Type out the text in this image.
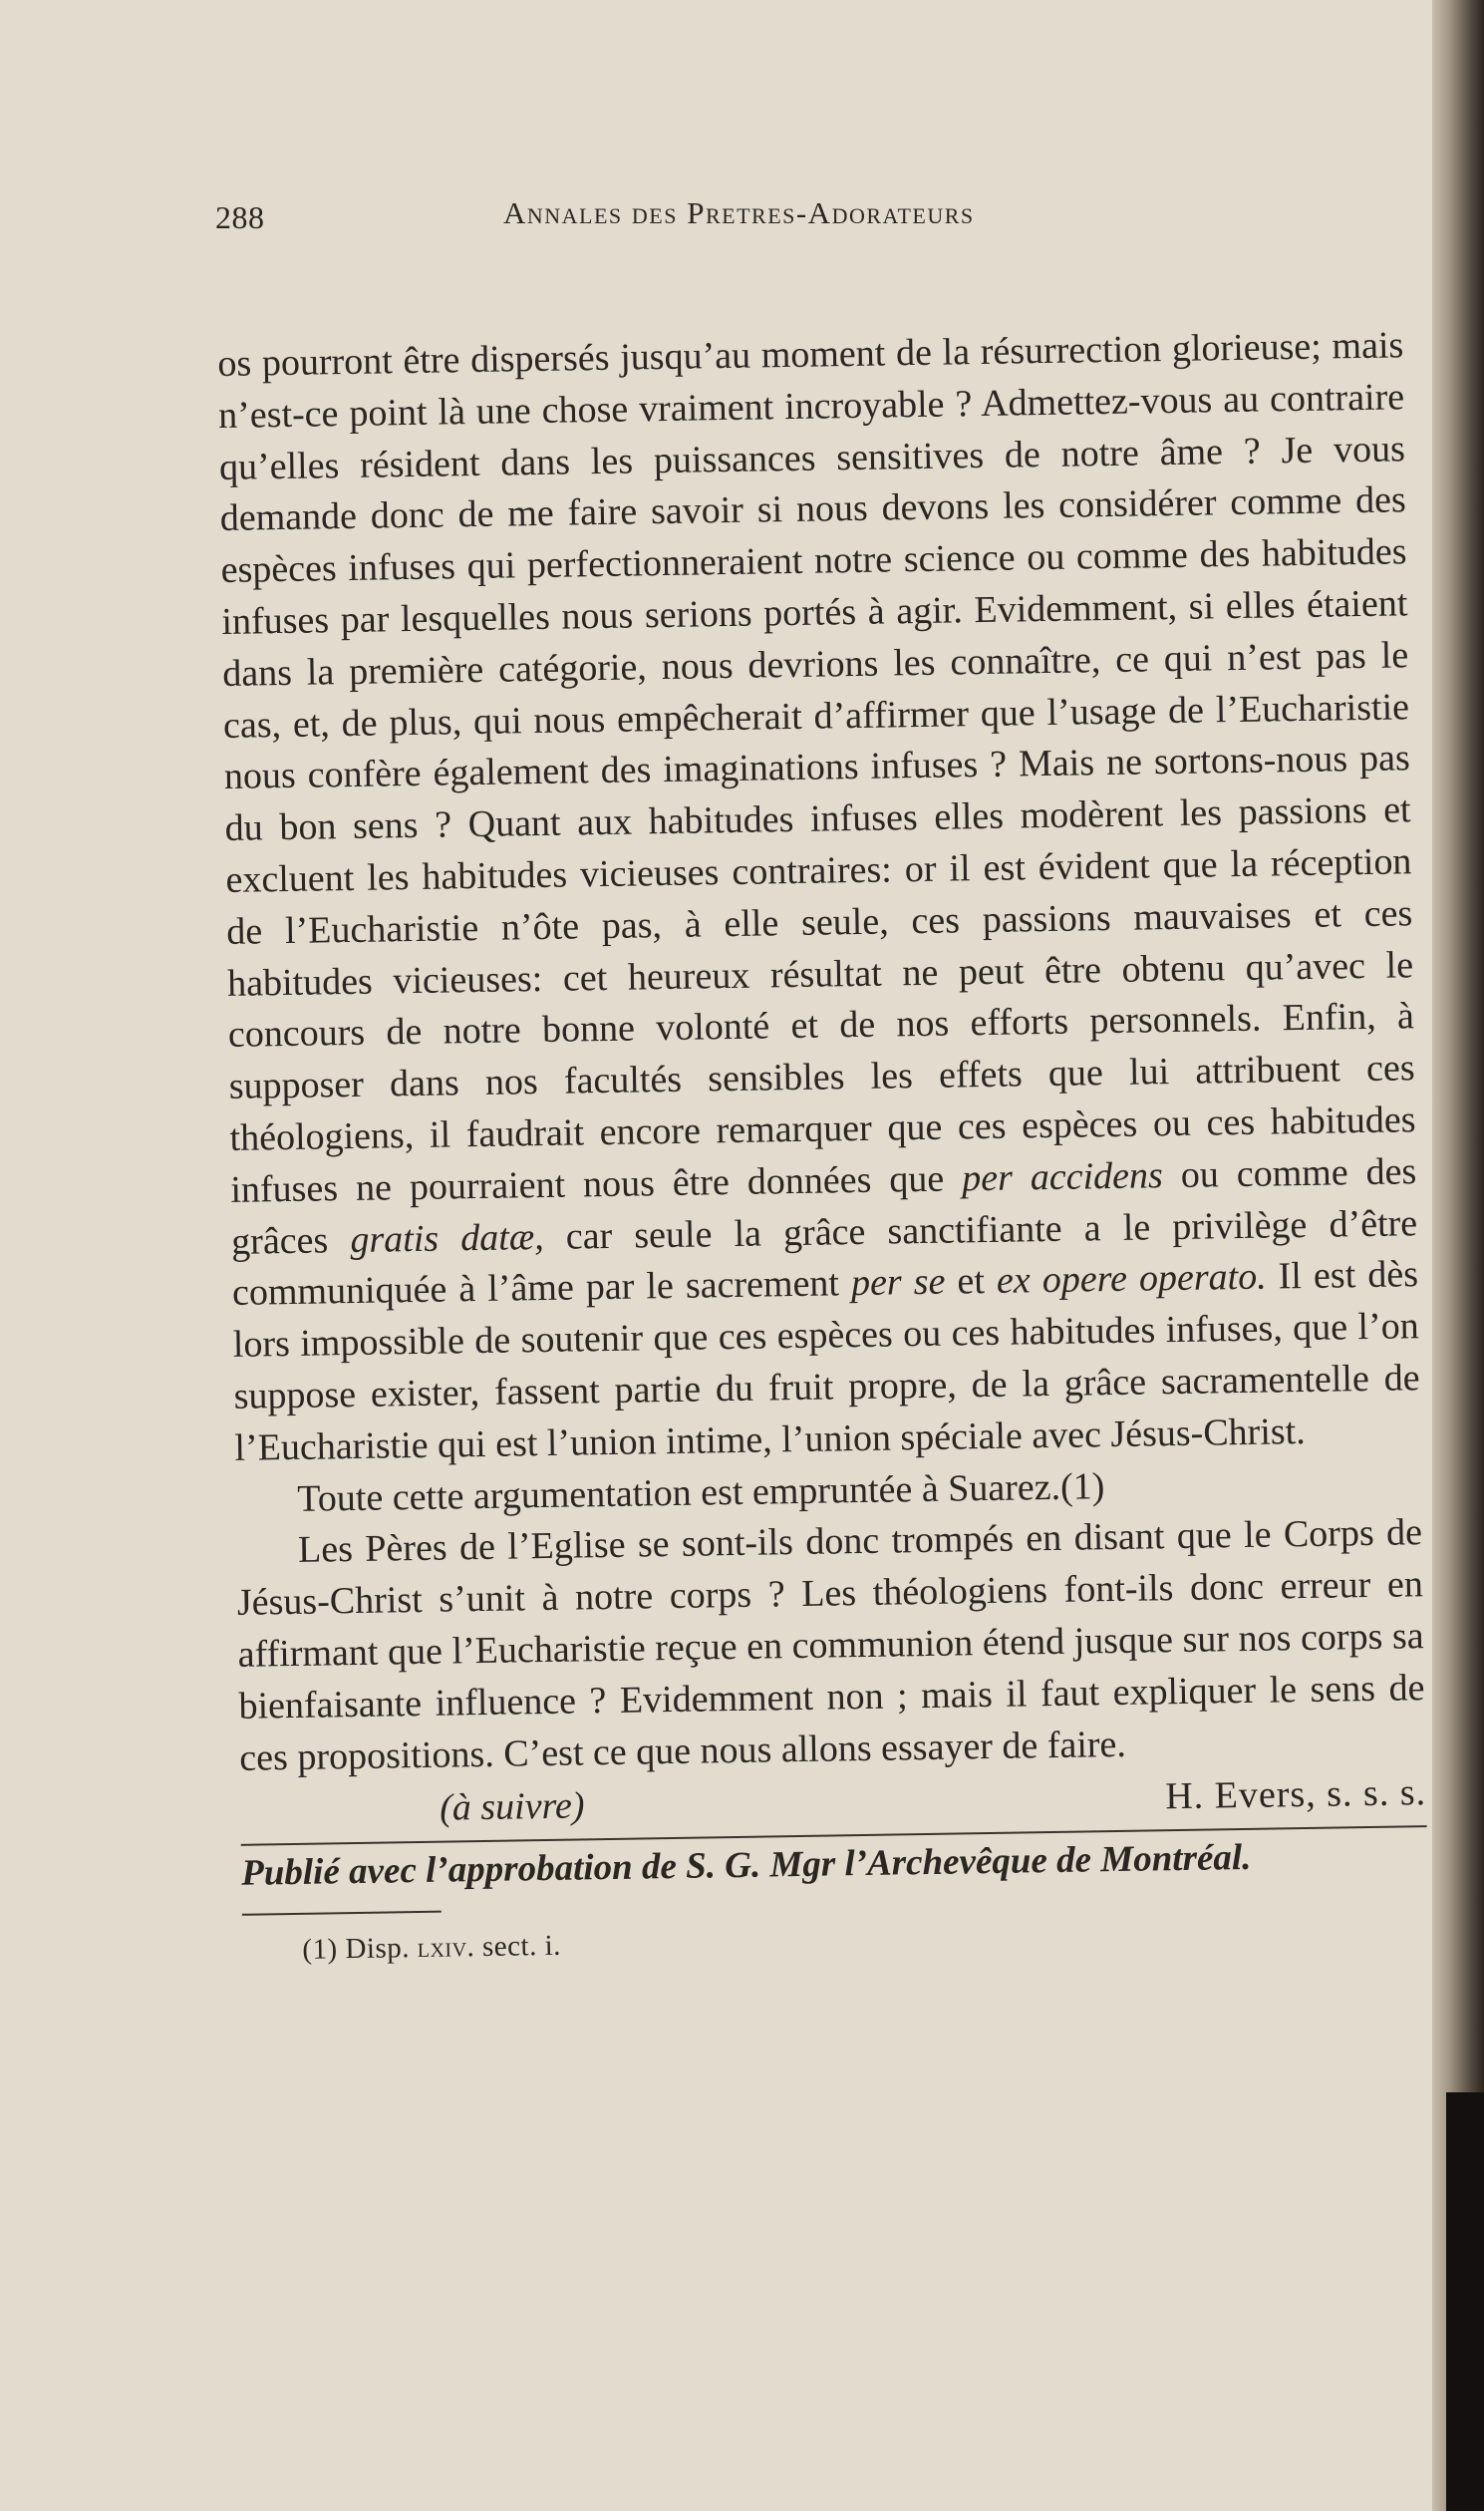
288	Annales des Pretres-Adorateurs

os pourront être dispersés jusqu’au moment de la résurrection glorieuse; mais n’est-ce point là une chose vraiment incroyable ? Admettez-vous au contraire qu’elles résident dans les puissances sensitives de notre âme ? Je vous demande donc de me faire savoir si nous devons les considérer comme des espèces infuses qui perfectionneraient notre science ou comme des habitudes infuses par lesquelles nous serions portés à agir. Evidemment, si elles étaient dans la première catégorie, nous devrions les connaître, ce qui n’est pas le cas, et, de plus, qui nous empêcherait d’affirmer que l’usage de l’Eucharistie nous confère également des imaginations infuses ? Mais ne sortons-nous pas du bon sens ? Quant aux habitudes infuses elles modèrent les passions et excluent les habitudes vicieuses contraires: or il est évident que la réception de l’Eucharistie n’ôte pas, à elle seule, ces passions mauvaises et ces habitudes vicieuses: cet heureux résultat ne peut être obtenu qu’avec le concours de notre bonne volonté et de nos efforts personnels. Enfin, à supposer dans nos facultés sensibles les effets que lui attribuent ces théologiens, il faudrait encore remarquer que ces espèces ou ces habitudes infuses ne pourraient nous être données que per accidens ou comme des grâces gratis datæ, car seule la grâce sanctifiante a le privilège d’être communiquée à l’âme par le sacrement per se et ex opere operato. Il est dès lors impossible de soutenir que ces espèces ou ces habitudes infuses, que l’on suppose exister, fassent partie du fruit propre, de la grâce sacramentelle de l’Eucharistie qui est l’union intime, l’union spéciale avec Jésus-Christ.

Toute cette argumentation est empruntée à Suarez.(1)

Les Pères de l’Eglise se sont-ils donc trompés en disant que le Corps de Jésus-Christ s’unit à notre corps ? Les théologiens font-ils donc erreur en affirmant que l’Eucharistie reçue en communion étend jusque sur nos corps sa bienfaisante influence ? Evidemment non ; mais il faut expliquer le sens de ces propositions. C’est ce que nous allons essayer de faire.

(à suivre)	H. Evers, s. s. s.
Publié avec l’approbation de S. G. Mgr l’Archevêque de Montréal.
(1) Disp. lxiv. sect. i.
